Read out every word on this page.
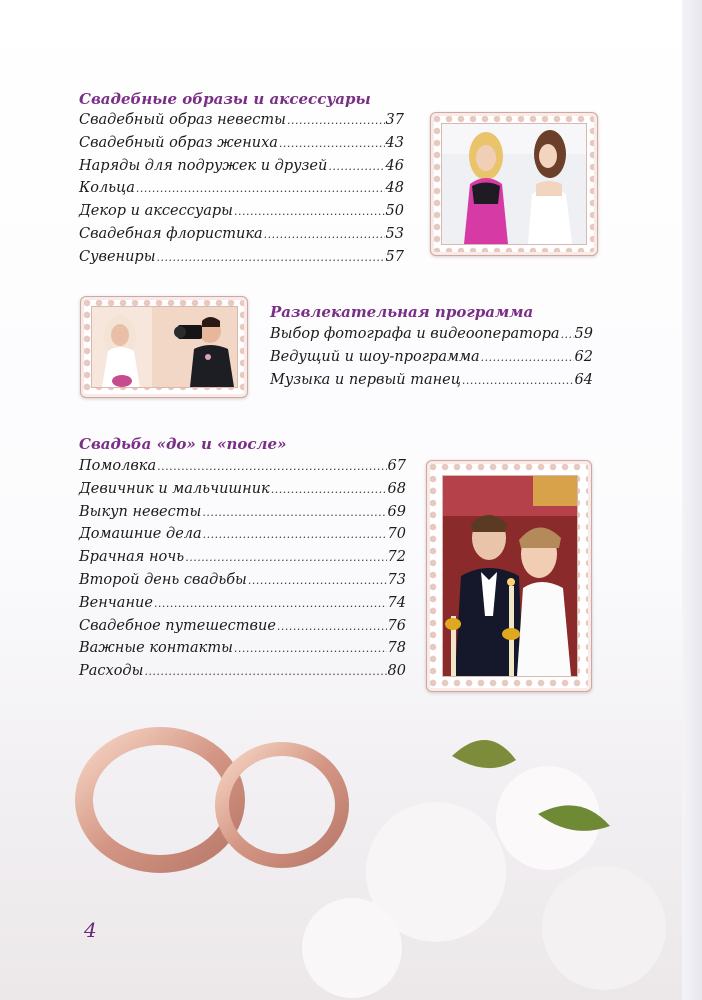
Свадебные образы и аксессуары
Свадебный образ невесты .....	37
Свадебный образ жениха .....	43
Наряды для подружек и друзей .....	46
Кольца .....	48
Декор и аксессуары .....	50
Свадебная флористика .....	53
Сувениры .....	57
Развлекательная программа
Выбор фотографа и видеооператора ..... 59
Ведущий и шоу-программа .....	62
Музыка и первый танец .....	64
Свадьба «до» и «после»
Помолвка .....	67
Девичник и мальчишник .....	68
Выкуп невесты .....	69
Домашние дела .....	70
Брачная ночь .....	72
Второй день свадьбы .....	73
Венчание .....	74
Свадебное путешествие .....	76
Важные контакты .....	78
Расходы .....	80
4
